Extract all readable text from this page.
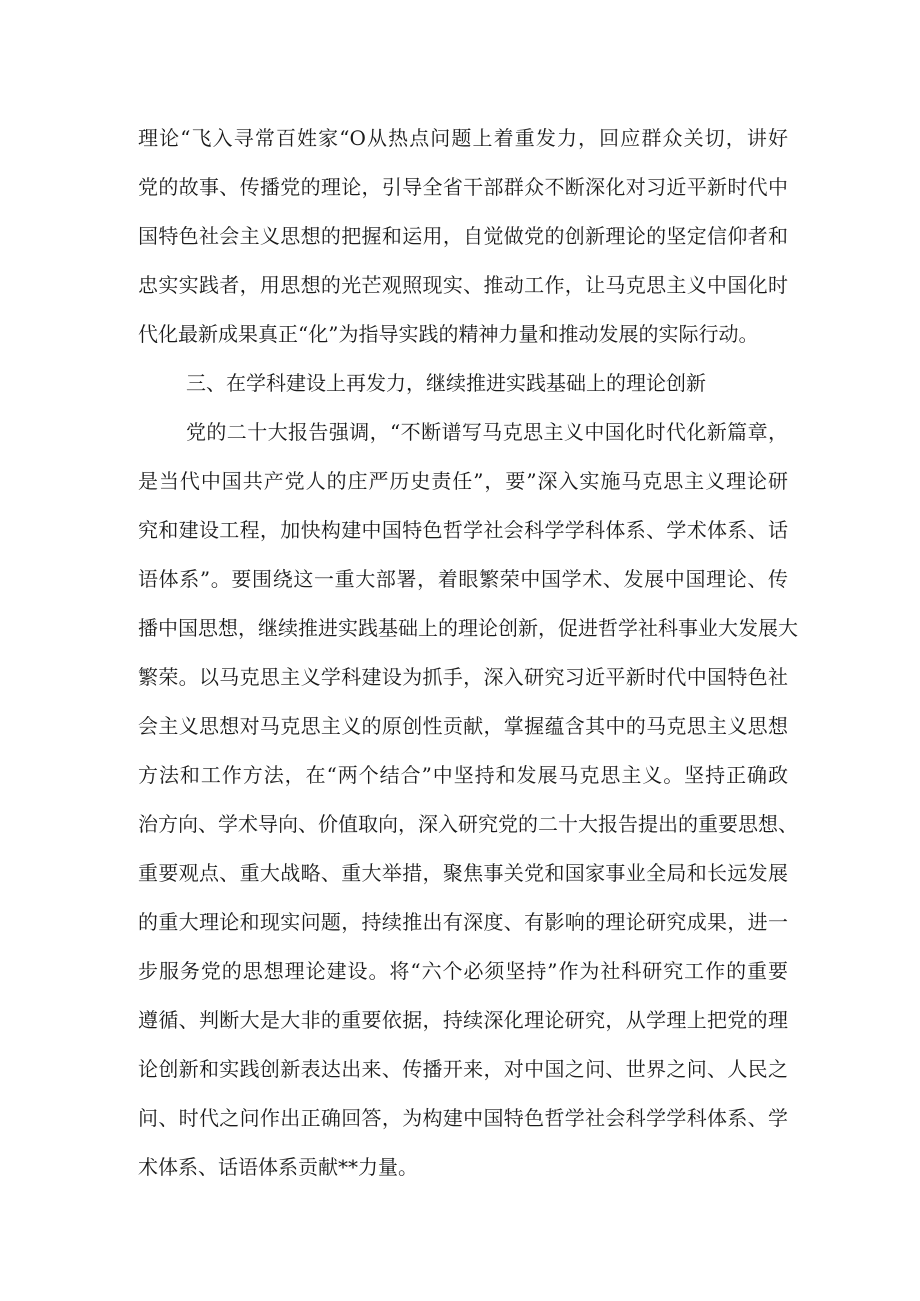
理论“飞入寻常百姓家“O从热点问题上着重发力，回应群众关切，讲好
党的故事、传播党的理论，引导全省干部群众不断深化对习近平新时代中
国特色社会主义思想的把握和运用，自觉做党的创新理论的坚定信仰者和
忠实实践者，用思想的光芒观照现实、推动工作，让马克思主义中国化时
代化最新成果真正“化”为指导实践的精神力量和推动发展的实际行动。
三、在学科建设上再发力，继续推进实践基础上的理论创新
党的二十大报告强调，“不断谱写马克思主义中国化时代化新篇章，
是当代中国共产党人的庄严历史责任”，要”深入实施马克思主义理论研
究和建设工程，加快构建中国特色哲学社会科学学科体系、学术体系、话
语体系”。要围绕这一重大部署，着眼繁荣中国学术、发展中国理论、传
播中国思想，继续推进实践基础上的理论创新，促进哲学社科事业大发展大
繁荣。以马克思主义学科建设为抓手，深入研究习近平新时代中国特色社
会主义思想对马克思主义的原创性贡献，掌握蕴含其中的马克思主义思想
方法和工作方法，在“两个结合”中坚持和发展马克思主义。坚持正确政
治方向、学术导向、价值取向，深入研究党的二十大报告提出的重要思想、
重要观点、重大战略、重大举措，聚焦事关党和国家事业全局和长远发展
的重大理论和现实问题，持续推出有深度、有影响的理论研究成果，进一
步服务党的思想理论建设。将“六个必须坚持”作为社科研究工作的重要
遵循、判断大是大非的重要依据，持续深化理论研究，从学理上把党的理
论创新和实践创新表达出来、传播开来，对中国之问、世界之问、人民之
问、时代之问作出正确回答，为构建中国特色哲学社会科学学科体系、学
术体系、话语体系贡献**力量。
